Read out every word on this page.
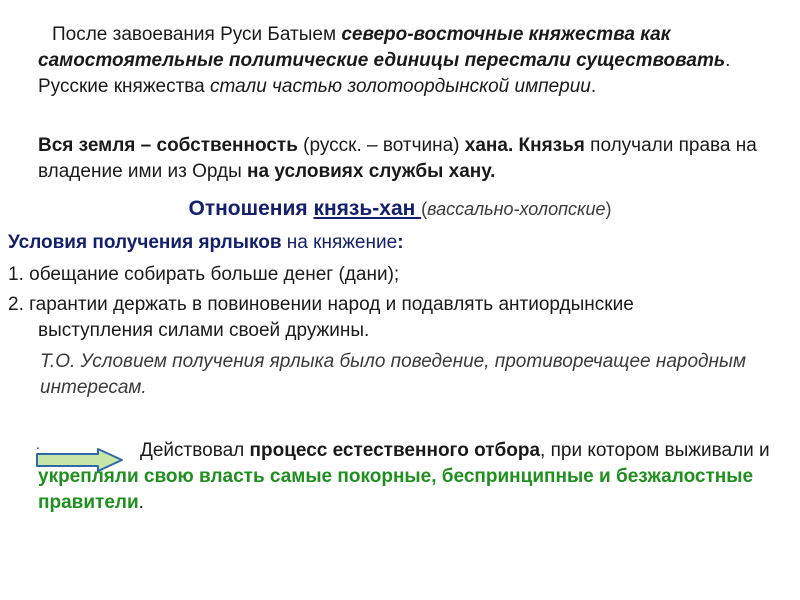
После завоевания Руси Батыем северо-восточные княжества как самостоятельные политические единицы перестали существовать. Русские княжества стали частью золотоордынской империи.

Вся земля – собственность (русск. – вотчина) хана. Князья получали права на владение ими из Орды на условиях службы хану.

Отношения князь-хан (вассально-холопские)

Условия получения ярлыков на княжение:

1. обещание собирать больше денег (дани);

2. гарантии держать в повиновении народ и подавлять антиордынские
выступления силами своей дружины.

Т.О. Условием получения ярлыка было поведение, противоречащее народным интересам.

.	Действовал процесс естественного отбора, при котором выживали и укрепляли свою власть самые покорные, беспринципные и безжалостные правители.
